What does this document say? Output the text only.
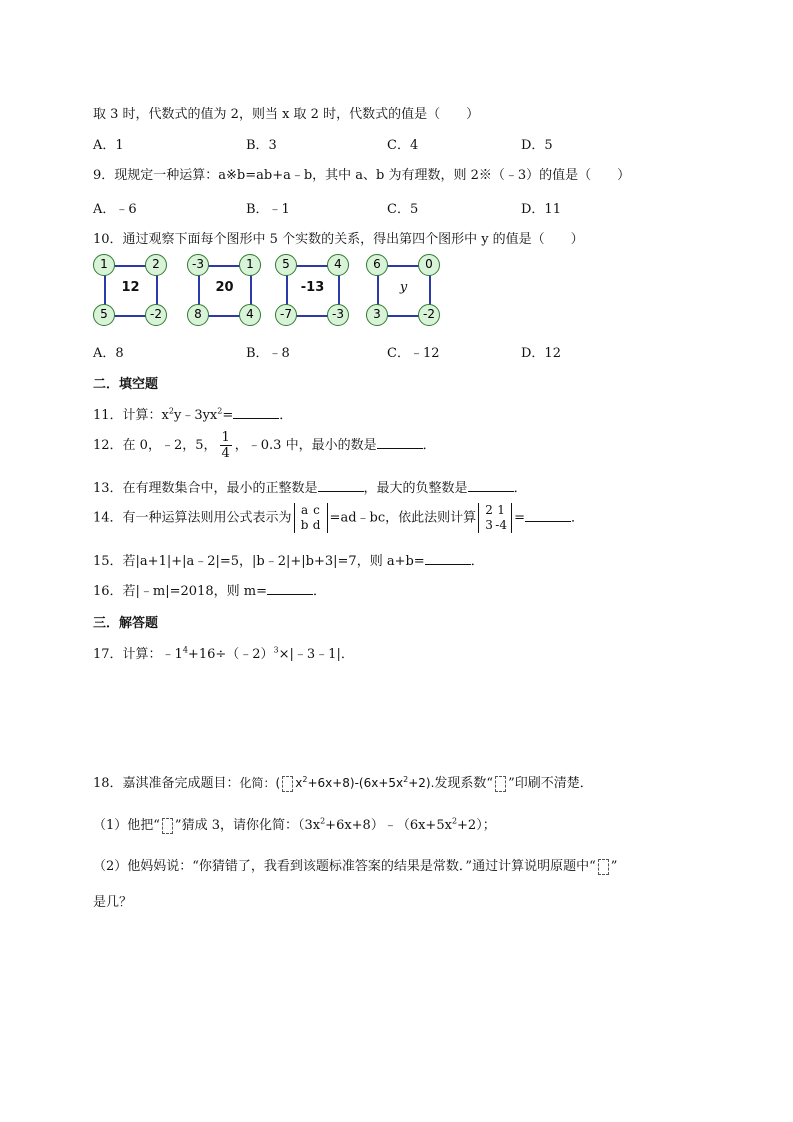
取 3 时，代数式的值为 2，则当 x 取 2 时，代数式的值是（　　）
A．1	B．3	C．4	D．5
9．现规定一种运算：a※b=ab+a﹣b，其中 a、b 为有理数，则 2※（﹣3）的值是（　　）
A．﹣6	B．﹣1	C．5	D．11
10．通过观察下面每个图形中 5 个实数的关系，得出第四个图形中 y 的值是（　　）
1	2
5	-2
12
-3	1
8	4
20
5	4
-7	-3
-13
6	0
3	-2
y
A．8	B．﹣8	C．﹣12	D．12
二．填空题
11．计算：$x^2y﹣3yx^2=$	．
12．在 0，﹣2，5， $\frac{1}{4}$ ，﹣0.3 中，最小的数是	．
13．在有理数集合中，最小的正整数是	，最大的负整数是	．
14．有一种运算法则用公式表示为a c
b d =ad﹣bc，依此法则计算2 1
3 -4 =	．
15．若|a+1|+|a﹣2|=5，|b﹣2|+|b+3|=7，则 a+b=	．
16．若|﹣m|=2018，则 m=	．
三．解答题
17．计算：$﹣1^4+16\div(﹣2)^3\times|﹣3﹣1|$．
18．嘉淇准备完成题目：化简：( $x^2+6x+8)-(6x+5x^2+2)$.发现系数“ ”印刷不清楚．
（1）他把“ ”猜成 3，请你化简：$(3x^2+6x+8)﹣(6x+5x^2+2)$；
（2）他妈妈说：“你猜错了，我看到该题标准答案的结果是常数．”通过计算说明原题中“ ”
是几？
